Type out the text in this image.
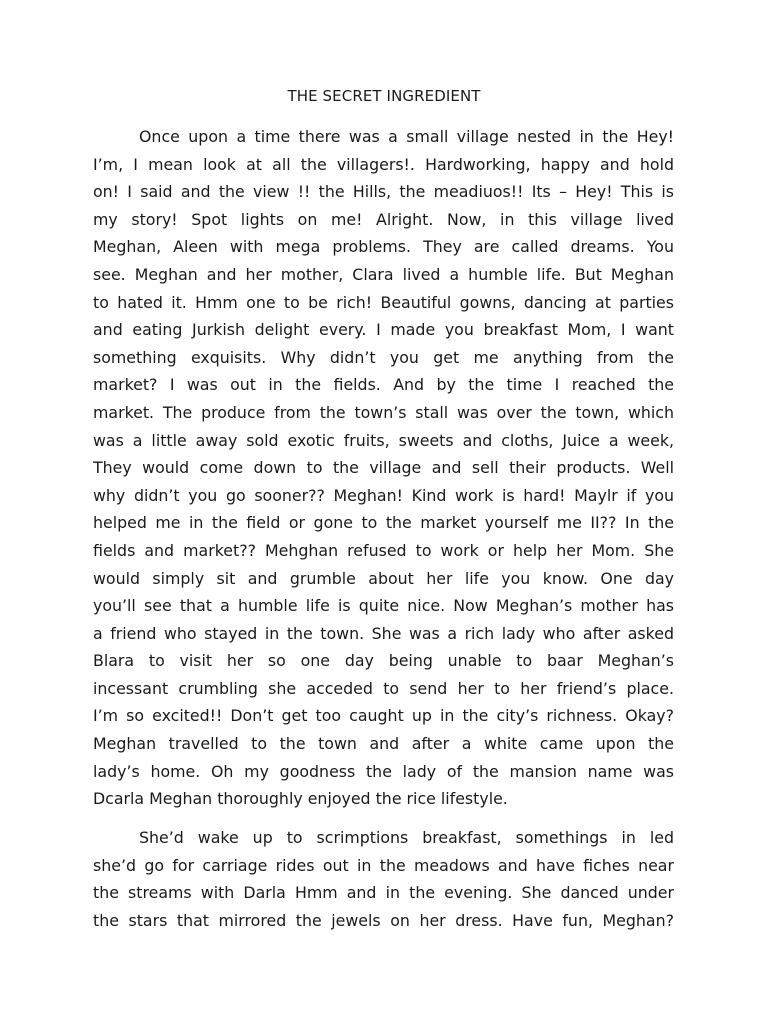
THE SECRET INGREDIENT
Once upon a time there was a small village nested in the Hey!
I’m, I mean look at all the villagers!. Hardworking, happy and hold
on! I said and the view !! the Hills, the meadiuos!! Its – Hey! This is
my story! Spot lights on me! Alright. Now, in this village lived
Meghan, Aleen with mega problems. They are called dreams. You
see. Meghan and her mother, Clara lived a humble life. But Meghan
to hated it. Hmm one to be rich! Beautiful gowns, dancing at parties
and eating Jurkish delight every. I made you breakfast Mom, I want
something exquisits. Why didn’t you get me anything from the
market? I was out in the fields. And by the time I reached the
market. The produce from the town’s stall was over the town, which
was a little away sold exotic fruits, sweets and cloths, Juice a week,
They would come down to the village and sell their products. Well
why didn’t you go sooner?? Meghan! Kind work is hard! Maylr if you
helped me in the field or gone to the market yourself me II?? In the
fields and market?? Mehghan refused to work or help her Mom. She
would simply sit and grumble about her life you know. One day
you’ll see that a humble life is quite nice. Now Meghan’s mother has
a friend who stayed in the town. She was a rich lady who after asked
Blara to visit her so one day being unable to baar Meghan’s
incessant crumbling she acceded to send her to her friend’s place.
I’m so excited!! Don’t get too caught up in the city’s richness. Okay?
Meghan travelled to the town and after a white came upon the
lady’s home. Oh my goodness the lady of the mansion name was
Dcarla Meghan thoroughly enjoyed the rice lifestyle.
She’d wake up to scrimptions breakfast, somethings in led
she’d go for carriage rides out in the meadows and have fiches near
the streams with Darla Hmm and in the evening. She danced under
the stars that mirrored the jewels on her dress. Have fun, Meghan?
